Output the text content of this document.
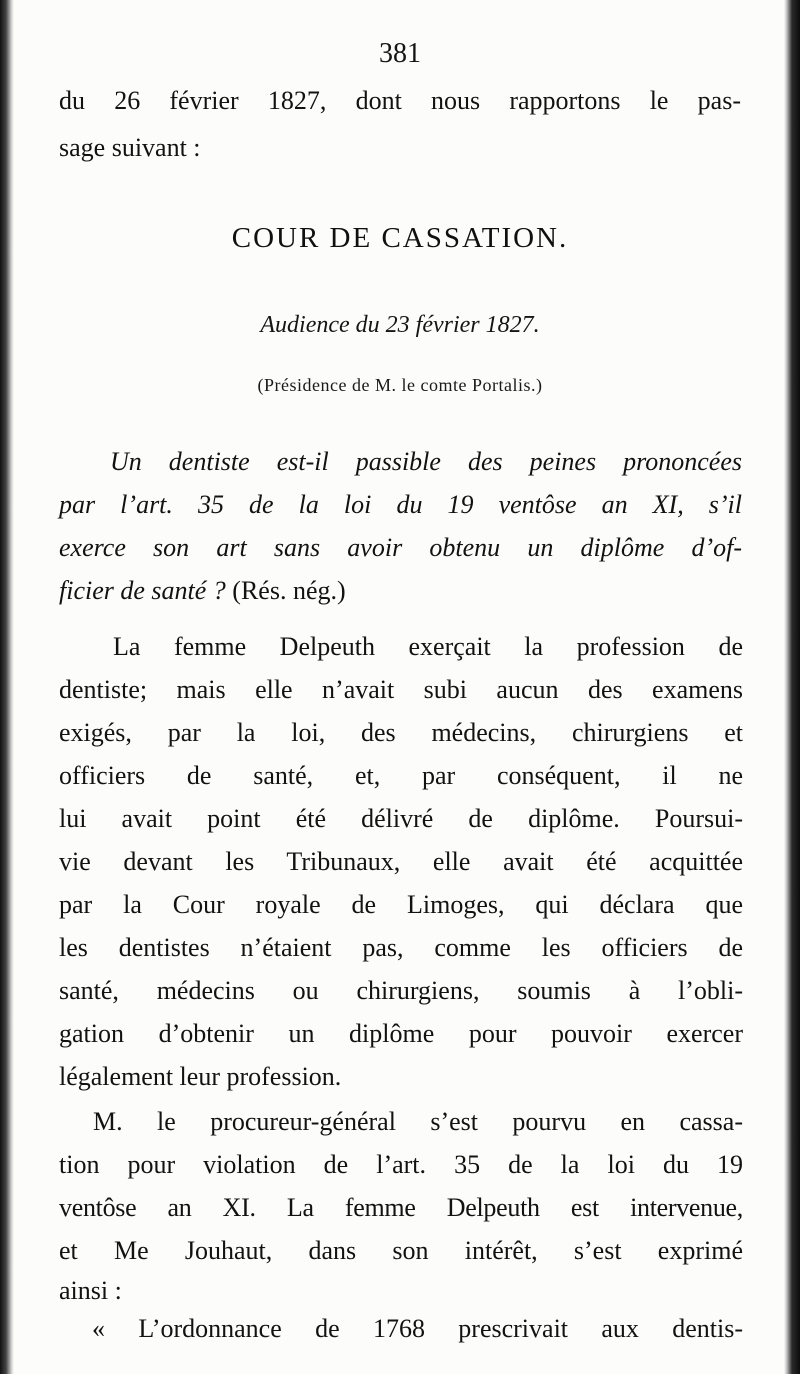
381
du 26 février 1827, dont nous rapportons le pas-
sage suivant :
COUR DE CASSATION.
Audience du 23 février 1827.
(Présidence de M. le comte Portalis.)
Un dentiste est-il passible des peines prononcées
par l’art. 35 de la loi du 19 ventôse an XI, s’il
exerce son art sans avoir obtenu un diplôme d’of-
ficier de santé ? (Rés. nég.)
La femme Delpeuth exerçait la profession de
dentiste; mais elle n’avait subi aucun des examens
exigés, par la loi, des médecins, chirurgiens et
officiers de santé, et, par conséquent, il ne
lui avait point été délivré de diplôme. Poursui-
vie devant les Tribunaux, elle avait été acquittée
par la Cour royale de Limoges, qui déclara que
les dentistes n’étaient pas, comme les officiers de
santé, médecins ou chirurgiens, soumis à l’obli-
gation d’obtenir un diplôme pour pouvoir exercer
légalement leur profession.
M. le procureur-général s’est pourvu en cassa-
tion pour violation de l’art. 35 de la loi du 19
ventôse an XI. La femme Delpeuth est intervenue,
et Me Jouhaut, dans son intérêt, s’est exprimé
ainsi :
« L’ordonnance de 1768 prescrivait aux dentis-
